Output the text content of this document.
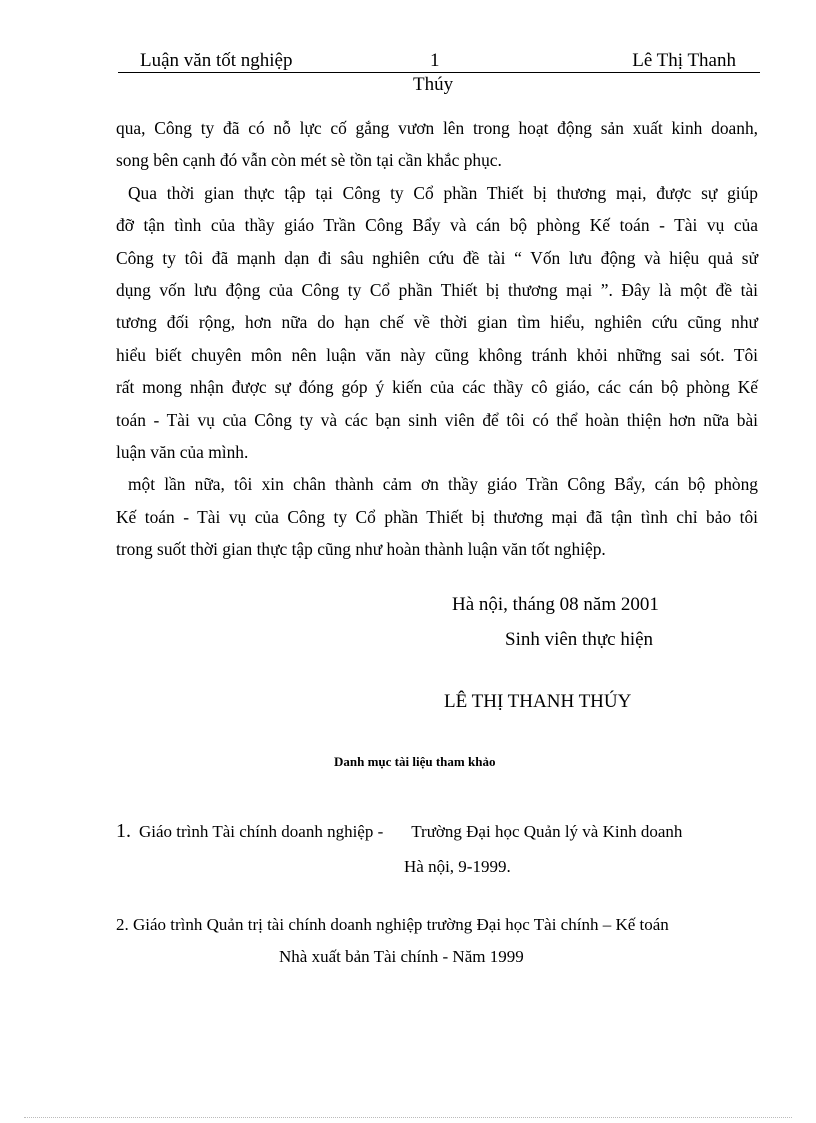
Luận văn tốt nghiệp	1	Lê Thị Thanh
Thúy
qua, Công ty đã có nỗ lực cố gắng vươn lên trong hoạt động sản xuất kinh doanh,
song bên cạnh đó vẫn còn mét sè tồn tại cần khắc phục.
Qua thời gian thực tập tại Công ty Cổ phần Thiết bị thương mại, được sự giúp
đỡ tận tình của thầy giáo Trần Công Bẩy và cán bộ phòng Kế toán - Tài vụ của
Công ty tôi đã mạnh dạn đi sâu nghiên cứu đề tài “ Vốn lưu động và hiệu quả sử
dụng vốn lưu động của Công ty Cổ phần Thiết bị thương mại ”. Đây là một đề tài
tương đối rộng, hơn nữa do hạn chế về thời gian tìm hiểu, nghiên cứu cũng như
hiểu biết chuyên môn nên luận văn này cũng không tránh khỏi những sai sót. Tôi
rất mong nhận được sự đóng góp ý kiến của các thầy cô giáo, các cán bộ phòng Kế
toán - Tài vụ của Công ty và các bạn sinh viên để tôi có thể hoàn thiện hơn nữa bài
luận văn của mình.
một lần nữa, tôi xin chân thành cảm ơn thầy giáo Trần Công Bẩy, cán bộ phòng
Kế toán - Tài vụ của Công ty Cổ phần Thiết bị thương mại đã tận tình chỉ bảo tôi
trong suốt thời gian thực tập cũng như hoàn thành luận văn tốt nghiệp.
Hà nội, tháng 08 năm 2001
Sinh viên thực hiện
LÊ THỊ THANH THÚY
Danh mục tài liệu tham khảo
1. Giáo trình Tài chính doanh nghiệp - Trường Đại học Quản lý và Kinh doanh
Hà nội, 9-1999.
2. Giáo trình Quản trị tài chính doanh nghiệp trường Đại học Tài chính – Kế toán
Nhà xuất bản Tài chính - Năm 1999
